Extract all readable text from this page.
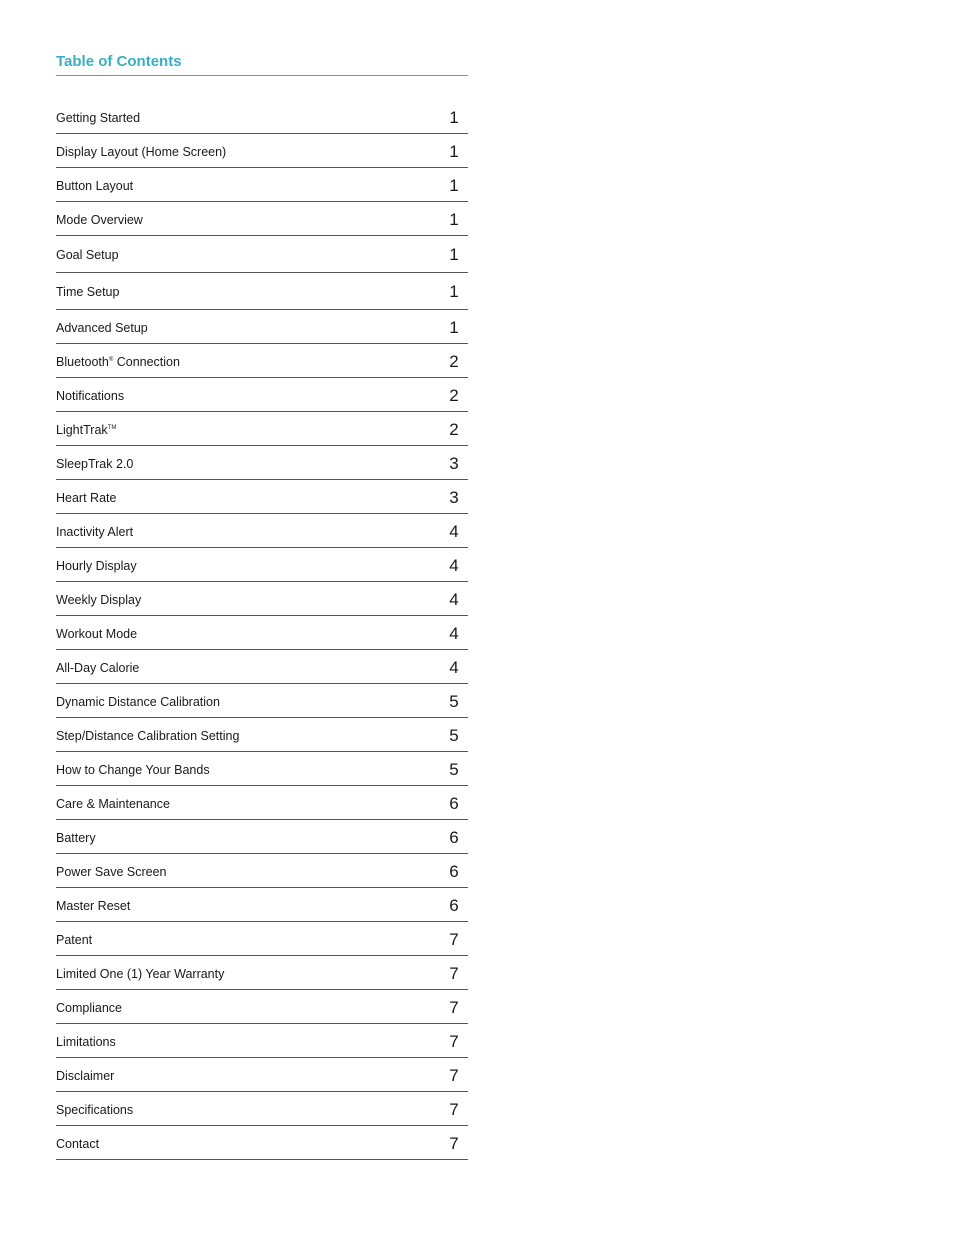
Table of Contents
Getting Started	1
Display Layout (Home Screen)	1
Button Layout	1
Mode Overview	1
Goal Setup	1
Time Setup	1
Advanced Setup	1
Bluetooth® Connection	2
Notifications	2
LightTrak™	2
SleepTrak 2.0	3
Heart Rate	3
Inactivity Alert	4
Hourly Display	4
Weekly Display	4
Workout Mode	4
All-Day Calorie	4
Dynamic Distance Calibration	5
Step/Distance Calibration Setting	5
How to Change Your Bands	5
Care & Maintenance	6
Battery	6
Power Save Screen	6
Master Reset	6
Patent	7
Limited One (1) Year Warranty	7
Compliance	7
Limitations	7
Disclaimer	7
Specifications	7
Contact	7
